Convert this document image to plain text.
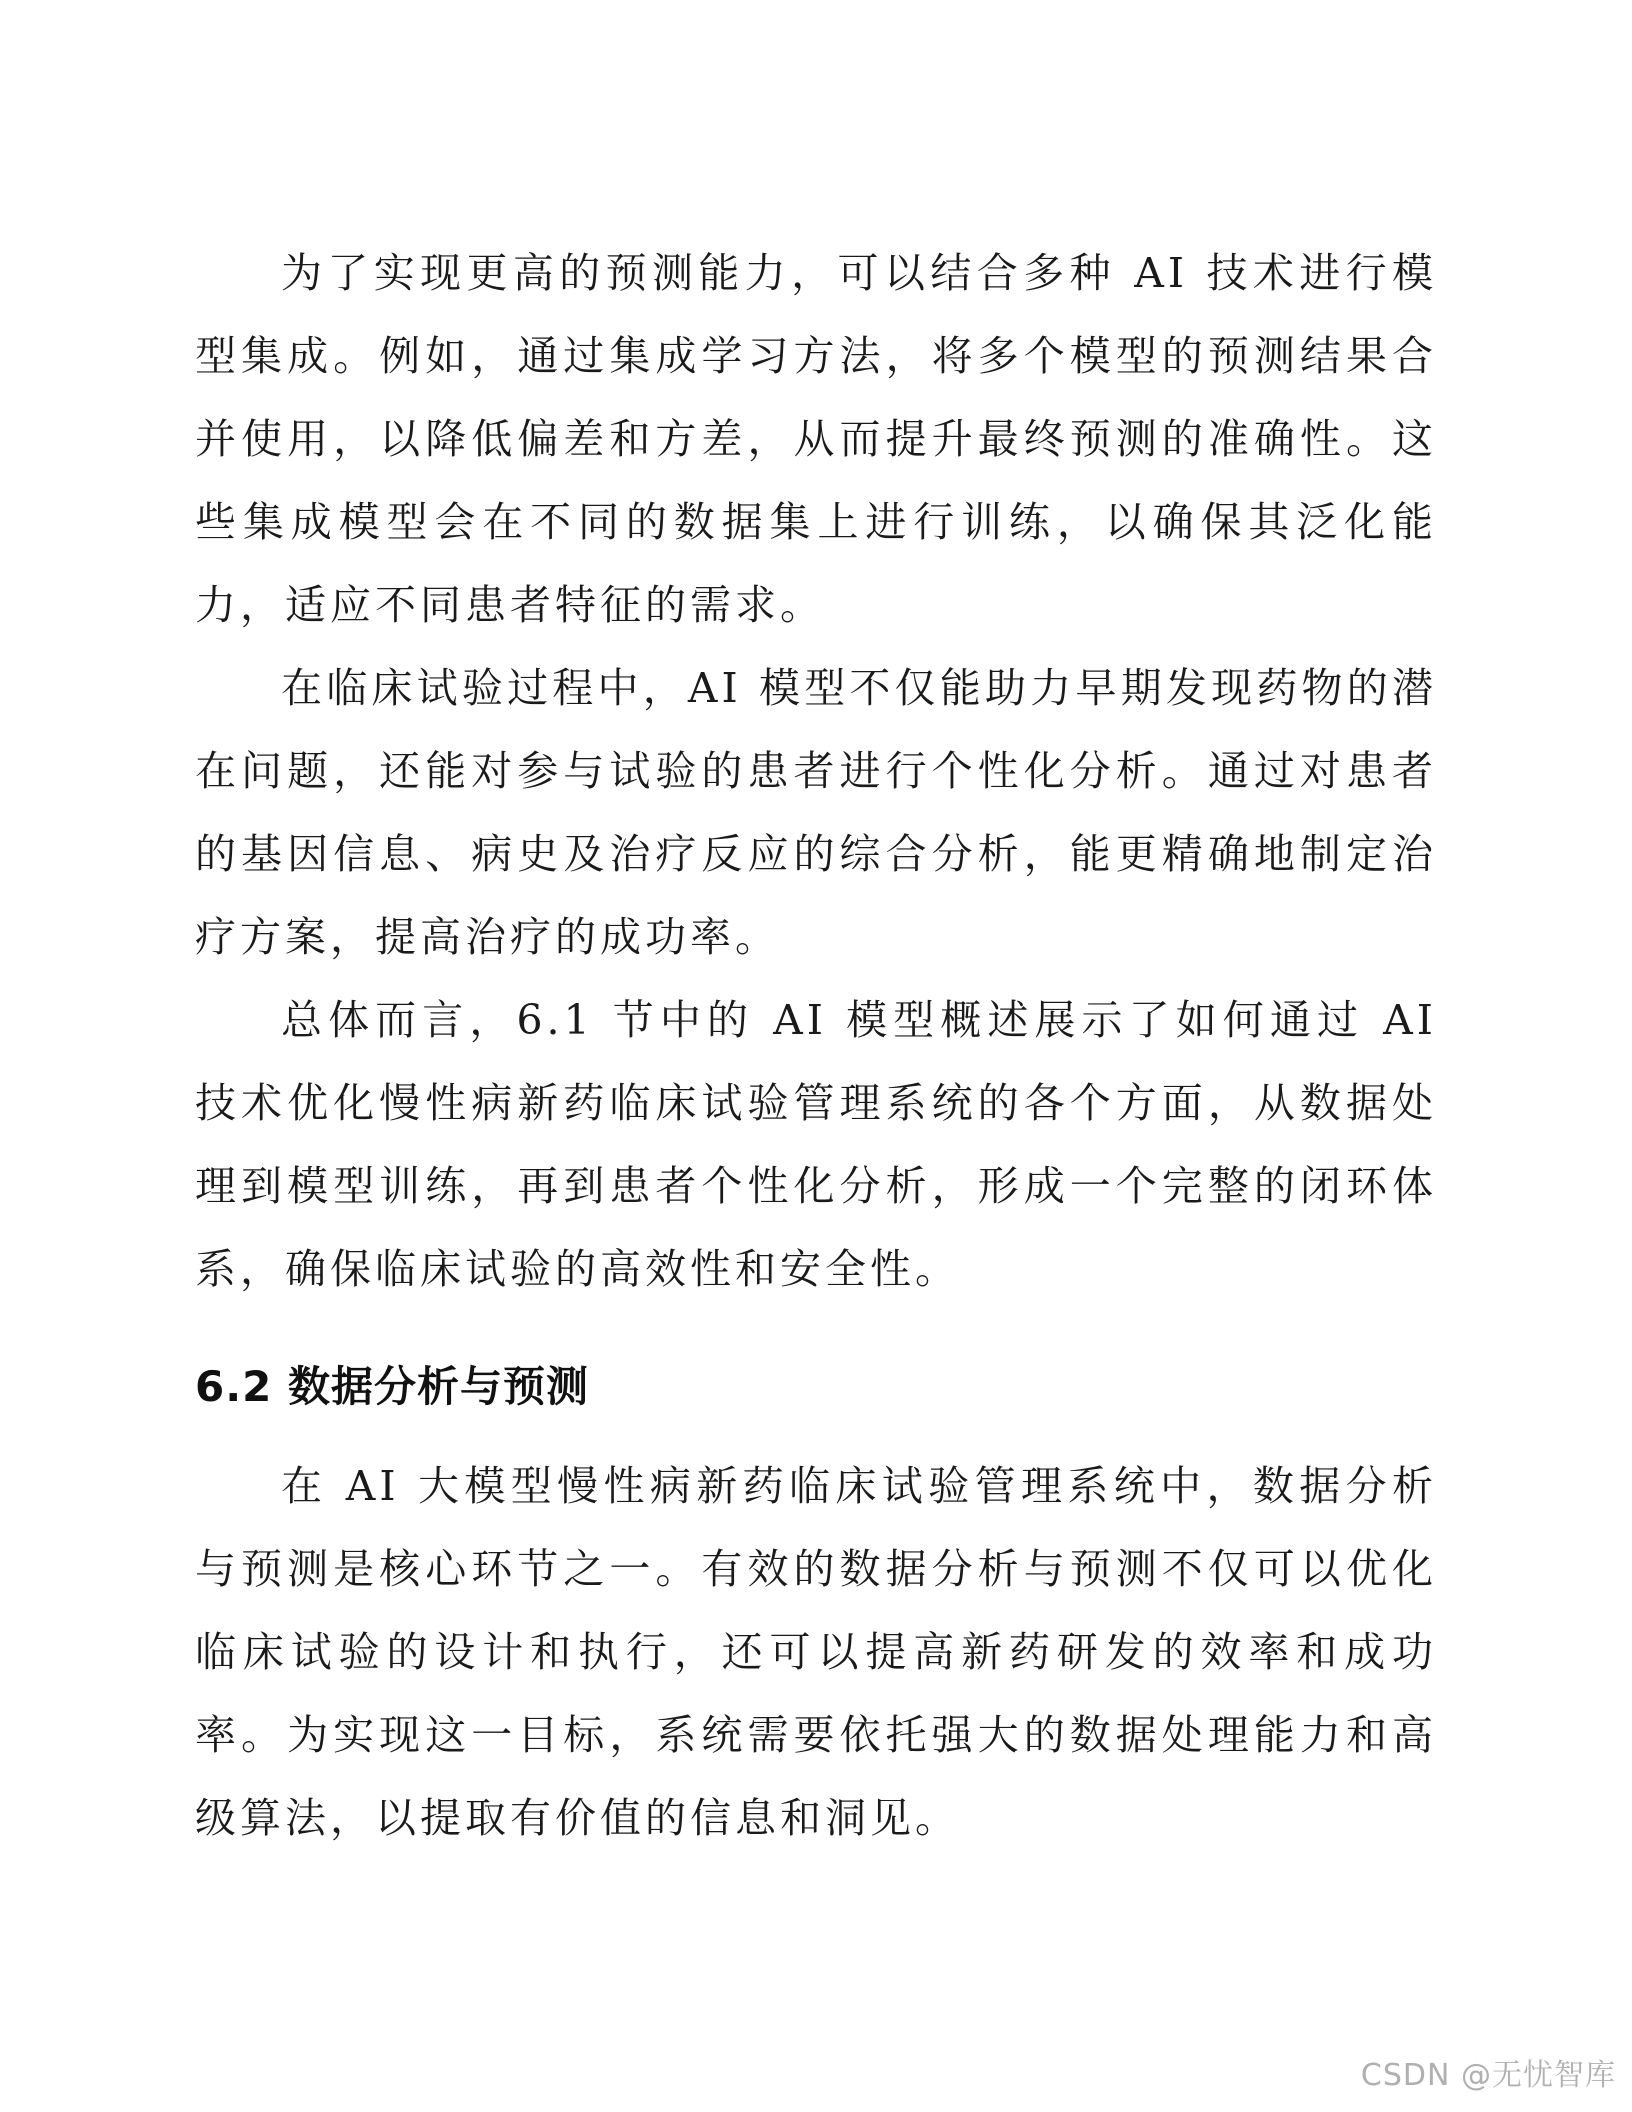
为了实现更高的预测能力，可以结合多种 AI 技术进行模型集成。例如，通过集成学习方法，将多个模型的预测结果合并使用，以降低偏差和方差，从而提升最终预测的准确性。这些集成模型会在不同的数据集上进行训练，以确保其泛化能力，适应不同患者特征的需求。

在临床试验过程中，AI 模型不仅能助力早期发现药物的潜在问题，还能对参与试验的患者进行个性化分析。通过对患者的基因信息、病史及治疗反应的综合分析，能更精确地制定治疗方案，提高治疗的成功率。

总体而言，6.1 节中的 AI 模型概述展示了如何通过 AI 技术优化慢性病新药临床试验管理系统的各个方面，从数据处理到模型训练，再到患者个性化分析，形成一个完整的闭环体系，确保临床试验的高效性和安全性。

6.2 数据分析与预测

在 AI 大模型慢性病新药临床试验管理系统中，数据分析与预测是核心环节之一。有效的数据分析与预测不仅可以优化临床试验的设计和执行，还可以提高新药研发的效率和成功率。为实现这一目标，系统需要依托强大的数据处理能力和高级算法，以提取有价值的信息和洞见。

CSDN @无忧智库
